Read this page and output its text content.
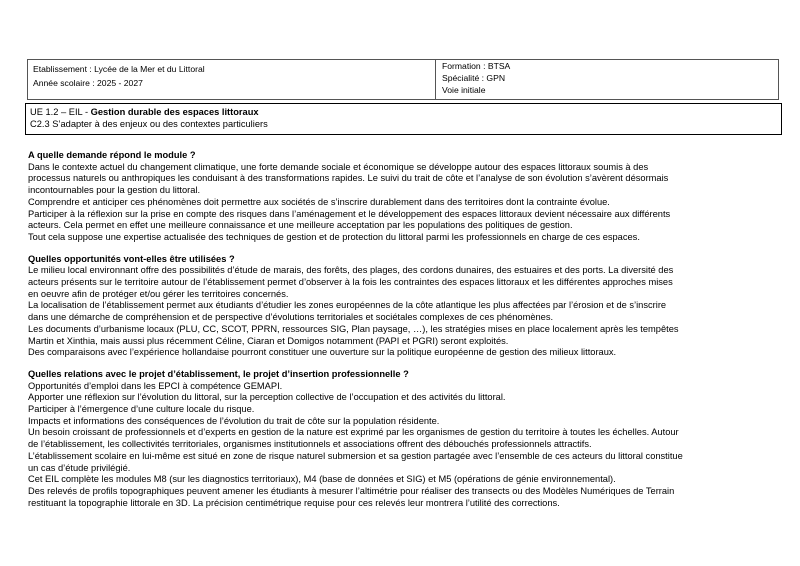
Etablissement : Lycée de la Mer et du Littoral
Année scolaire : 2025 - 2027
Formation : BTSA
Spécialité : GPN
Voie initiale
UE 1.2 – EIL - Gestion durable des espaces littoraux
C2.3 S’adapter à des enjeux ou des contextes particuliers
A quelle demande répond le module ?
Dans le contexte actuel du changement climatique, une forte demande sociale et économique se développe autour des espaces littoraux soumis à des
processus naturels ou anthropiques les conduisant à des transformations rapides. Le suivi du trait de côte et l’analyse de son évolution s’avèrent désormais
incontournables pour la gestion du littoral.
Comprendre et anticiper ces phénomènes doit permettre aux sociétés de s’inscrire durablement dans des territoires dont la contrainte évolue.
Participer à la réflexion sur la prise en compte des risques dans l’aménagement et le développement des espaces littoraux devient nécessaire aux différents
acteurs. Cela permet en effet une meilleure connaissance et une meilleure acceptation par les populations des politiques de gestion.
Tout cela suppose une expertise actualisée des techniques de gestion et de protection du littoral parmi les professionnels en charge de ces espaces.
Quelles opportunités vont-elles être utilisées ?
Le milieu local environnant offre des possibilités d’étude de marais, des forêts, des plages, des cordons dunaires, des estuaires et des ports. La diversité des
acteurs présents sur le territoire autour de l’établissement permet d’observer à la fois les contraintes des espaces littoraux et les différentes approches mises
en oeuvre afin de protéger et/ou gérer les territoires concernés.
La localisation de l’établissement permet aux étudiants d’étudier les zones européennes de la côte atlantique les plus affectées par l’érosion et de s’inscrire
dans une démarche de compréhension et de perspective d’évolutions territoriales et sociétales complexes de ces phénomènes.
Les documents d’urbanisme locaux (PLU, CC, SCOT, PPRN, ressources SIG, Plan paysage, …), les stratégies mises en place localement après les tempêtes
Martin et Xinthia, mais aussi plus récemment Céline, Ciaran et Domigos notamment (PAPI et PGRI) seront exploités.
Des comparaisons avec l’expérience hollandaise pourront constituer une ouverture sur la politique européenne de gestion des milieux littoraux.
Quelles relations avec le projet d’établissement, le projet d’insertion professionnelle ?
Opportunités d’emploi dans les EPCI à compétence GEMAPI.
Apporter une réflexion sur l’évolution du littoral, sur la perception collective de l’occupation et des activités du littoral.
Participer à l’émergence d’une culture locale du risque.
Impacts et informations des conséquences de l’évolution du trait de côte sur la population résidente.
Un besoin croissant de professionnels et d’experts en gestion de la nature est exprimé par les organismes de gestion du territoire à toutes les échelles. Autour
de l’établissement, les collectivités territoriales, organismes institutionnels et associations offrent des débouchés professionnels attractifs.
L’établissement scolaire en lui-même est situé en zone de risque naturel submersion et sa gestion partagée avec l’ensemble de ces acteurs du littoral constitue
un cas d’étude privilégié.
Cet EIL complète les modules M8 (sur les diagnostics territoriaux), M4 (base de données et SIG) et M5 (opérations de génie environnemental).
Des relevés de profils topographiques peuvent amener les étudiants à mesurer l’altimétrie pour réaliser des transects ou des Modèles Numériques de Terrain
restituant la topographie littorale en 3D. La précision centimétrique requise pour ces relevés leur montrera l’utilité des corrections.
